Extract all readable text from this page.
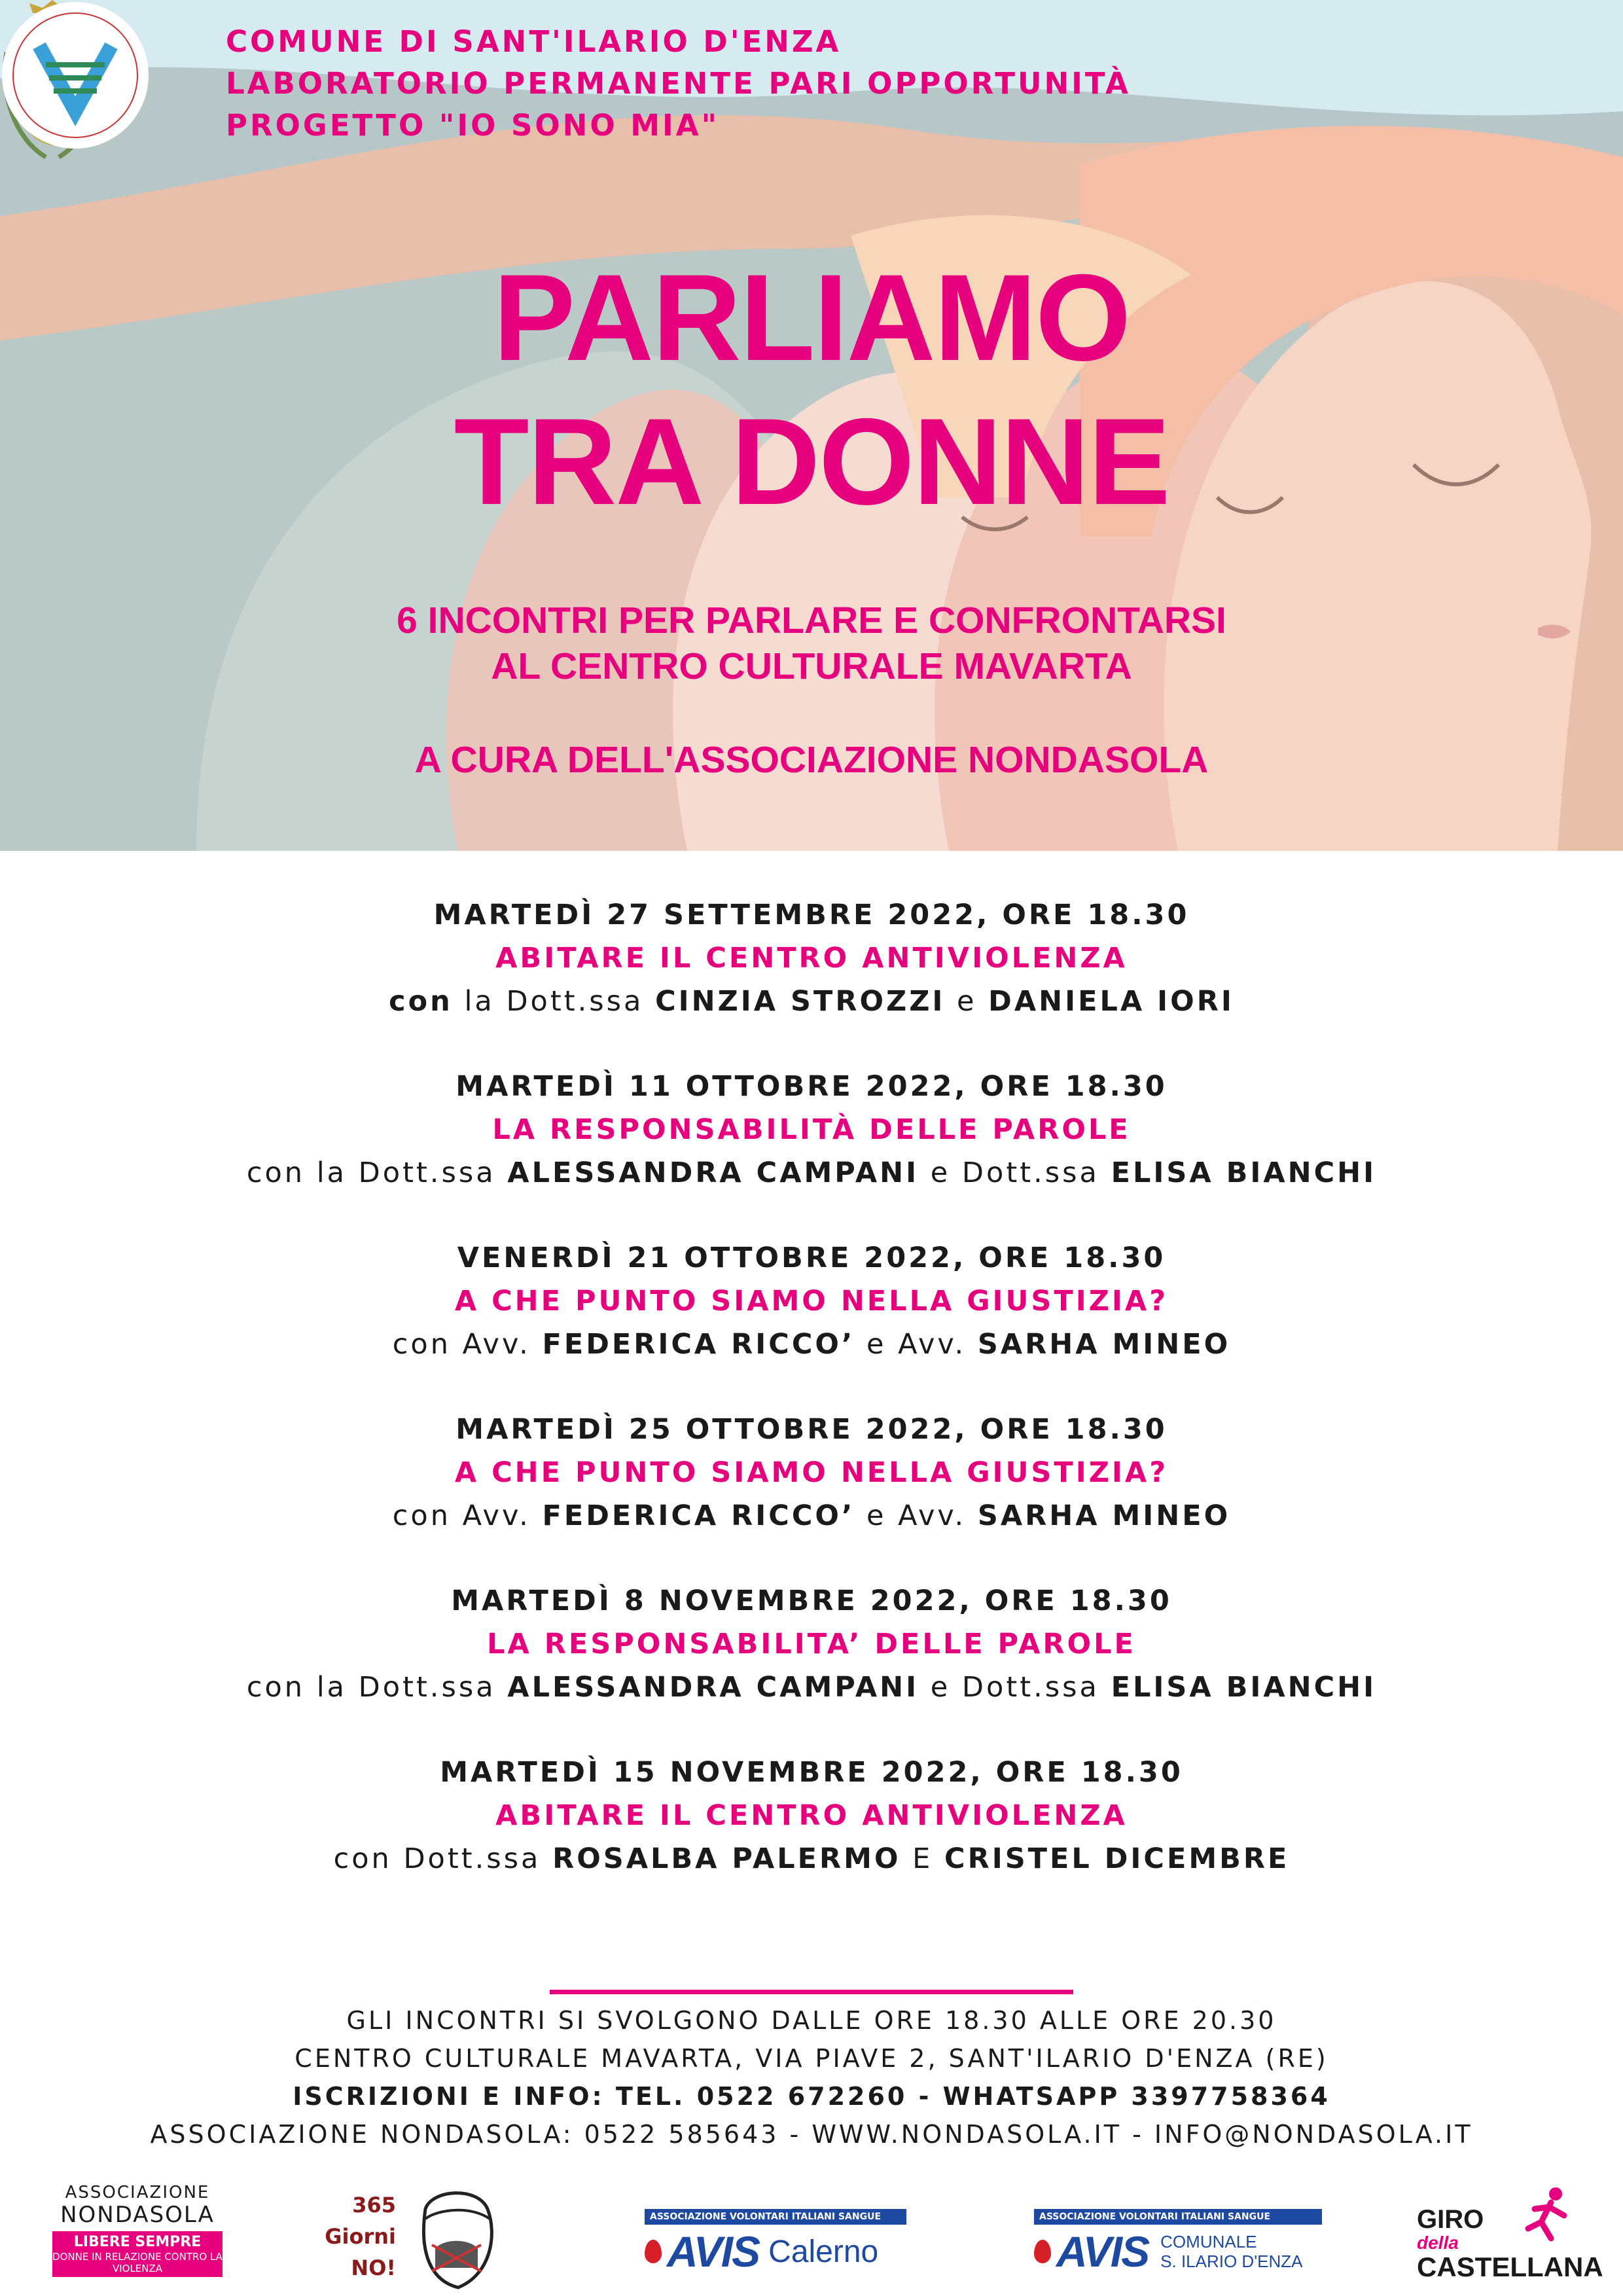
COMUNE DI SANT'ILARIO D'ENZA
LABORATORIO PERMANENTE PARI OPPORTUNITÀ
PROGETTO "IO SONO MIA"
PARLIAMO
TRA DONNE
6 INCONTRI PER PARLARE E CONFRONTARSI
AL CENTRO CULTURALE MAVARTA
A CURA DELL'ASSOCIAZIONE NONDASOLA
MARTEDÌ 27 SETTEMBRE 2022, ORE 18.30
ABITARE IL CENTRO ANTIVIOLENZA
con la Dott.ssa CINZIA STROZZI e DANIELA IORI
MARTEDÌ 11 OTTOBRE 2022, ORE 18.30
LA RESPONSABILITÀ DELLE PAROLE
con la Dott.ssa ALESSANDRA CAMPANI e Dott.ssa ELISA BIANCHI
VENERDÌ 21 OTTOBRE 2022, ORE 18.30
A CHE PUNTO SIAMO NELLA GIUSTIZIA?
con Avv. FEDERICA RICCO’ e Avv. SARHA MINEO
MARTEDÌ 25 OTTOBRE 2022, ORE 18.30
A CHE PUNTO SIAMO NELLA GIUSTIZIA?
con Avv. FEDERICA RICCO’ e Avv. SARHA MINEO
MARTEDÌ 8 NOVEMBRE 2022, ORE 18.30
LA RESPONSABILITA’ DELLE PAROLE
con la Dott.ssa ALESSANDRA CAMPANI e Dott.ssa ELISA BIANCHI
MARTEDÌ 15 NOVEMBRE 2022, ORE 18.30
ABITARE IL CENTRO ANTIVIOLENZA
con Dott.ssa ROSALBA PALERMO E CRISTEL DICEMBRE
GLI INCONTRI SI SVOLGONO DALLE ORE 18.30 ALLE ORE 20.30
CENTRO CULTURALE MAVARTA, VIA PIAVE 2, SANT'ILARIO D'ENZA (RE)
ISCRIZIONI E INFO: TEL. 0522 672260 - WHATSAPP 3397758364
ASSOCIAZIONE NONDASOLA: 0522 585643 - WWW.NONDASOLA.IT - INFO@NONDASOLA.IT
ASSOCIAZIONE
NONDASOLA
LIBERE SEMPRE
DONNE IN RELAZIONE CONTRO LA VIOLENZA
365
Giorni
NO!
ASSOCIAZIONE VOLONTARI ITALIANI SANGUE
AVIS Calerno
ASSOCIAZIONE VOLONTARI ITALIANI SANGUE
AVIS COMUNALE
S. ILARIO D'ENZA
GIRO
della
CASTELLANA
